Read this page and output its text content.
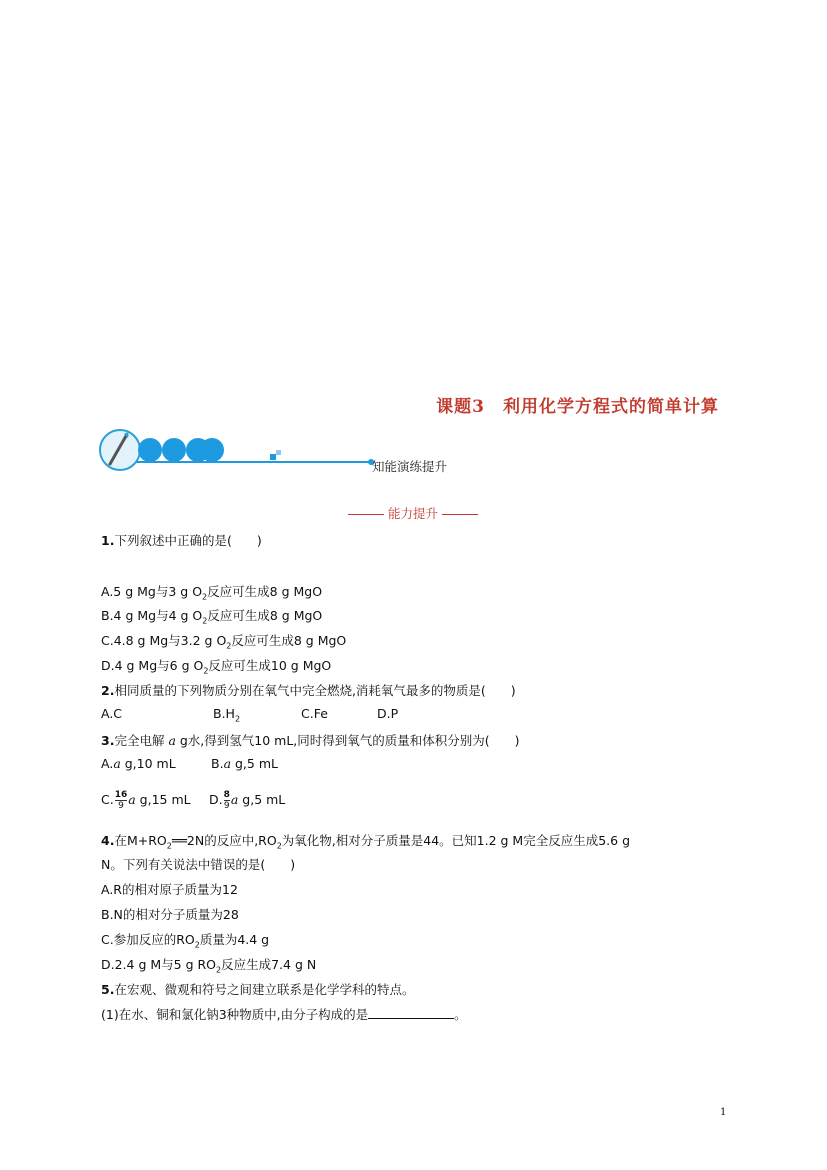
课题3　利用化学方程式的简单计算
知能演练提升
能力提升
1.下列叙述中正确的是(　　)
A.5 g Mg与3 g $O_2$反应可生成8 g MgO
B.4 g Mg与4 g $O_2$反应可生成8 g MgO
C.4.8 g Mg与3.2 g $O_2$反应可生成8 g MgO
D.4 g Mg与6 g $O_2$反应可生成10 g MgO
2.相同质量的下列物质分别在氧气中完全燃烧,消耗氧气最多的物质是(　　)
A.C	$B.H_2$	C.Fe	D.P
3.完全电解 a g水,得到氢气10 mL,同时得到氧气的质量和体积分别为(　　)
A.a g,10 mL	B.a g,5 mL
C. $\frac{16}{9}$ a g,15 mL D. $\frac{8}{9}$ a g,5 mL
4.在$M+RO_2══2N$的反应中$,RO_2$为氧化物,相对分子质量是44。已知1.2 g M完全反应生成5.6 g
N。下列有关说法中错误的是(　　)
A.R的相对原子质量为12
B.N的相对分子质量为28
C.参加反应的$RO_2$质量为4.4 g
D.2.4 g M与5 g $RO_2$反应生成7.4 g N
5.在宏观、微观和符号之间建立联系是化学学科的特点。
(1)在水、铜和氯化钠3种物质中,由分子构成的是	。
1
